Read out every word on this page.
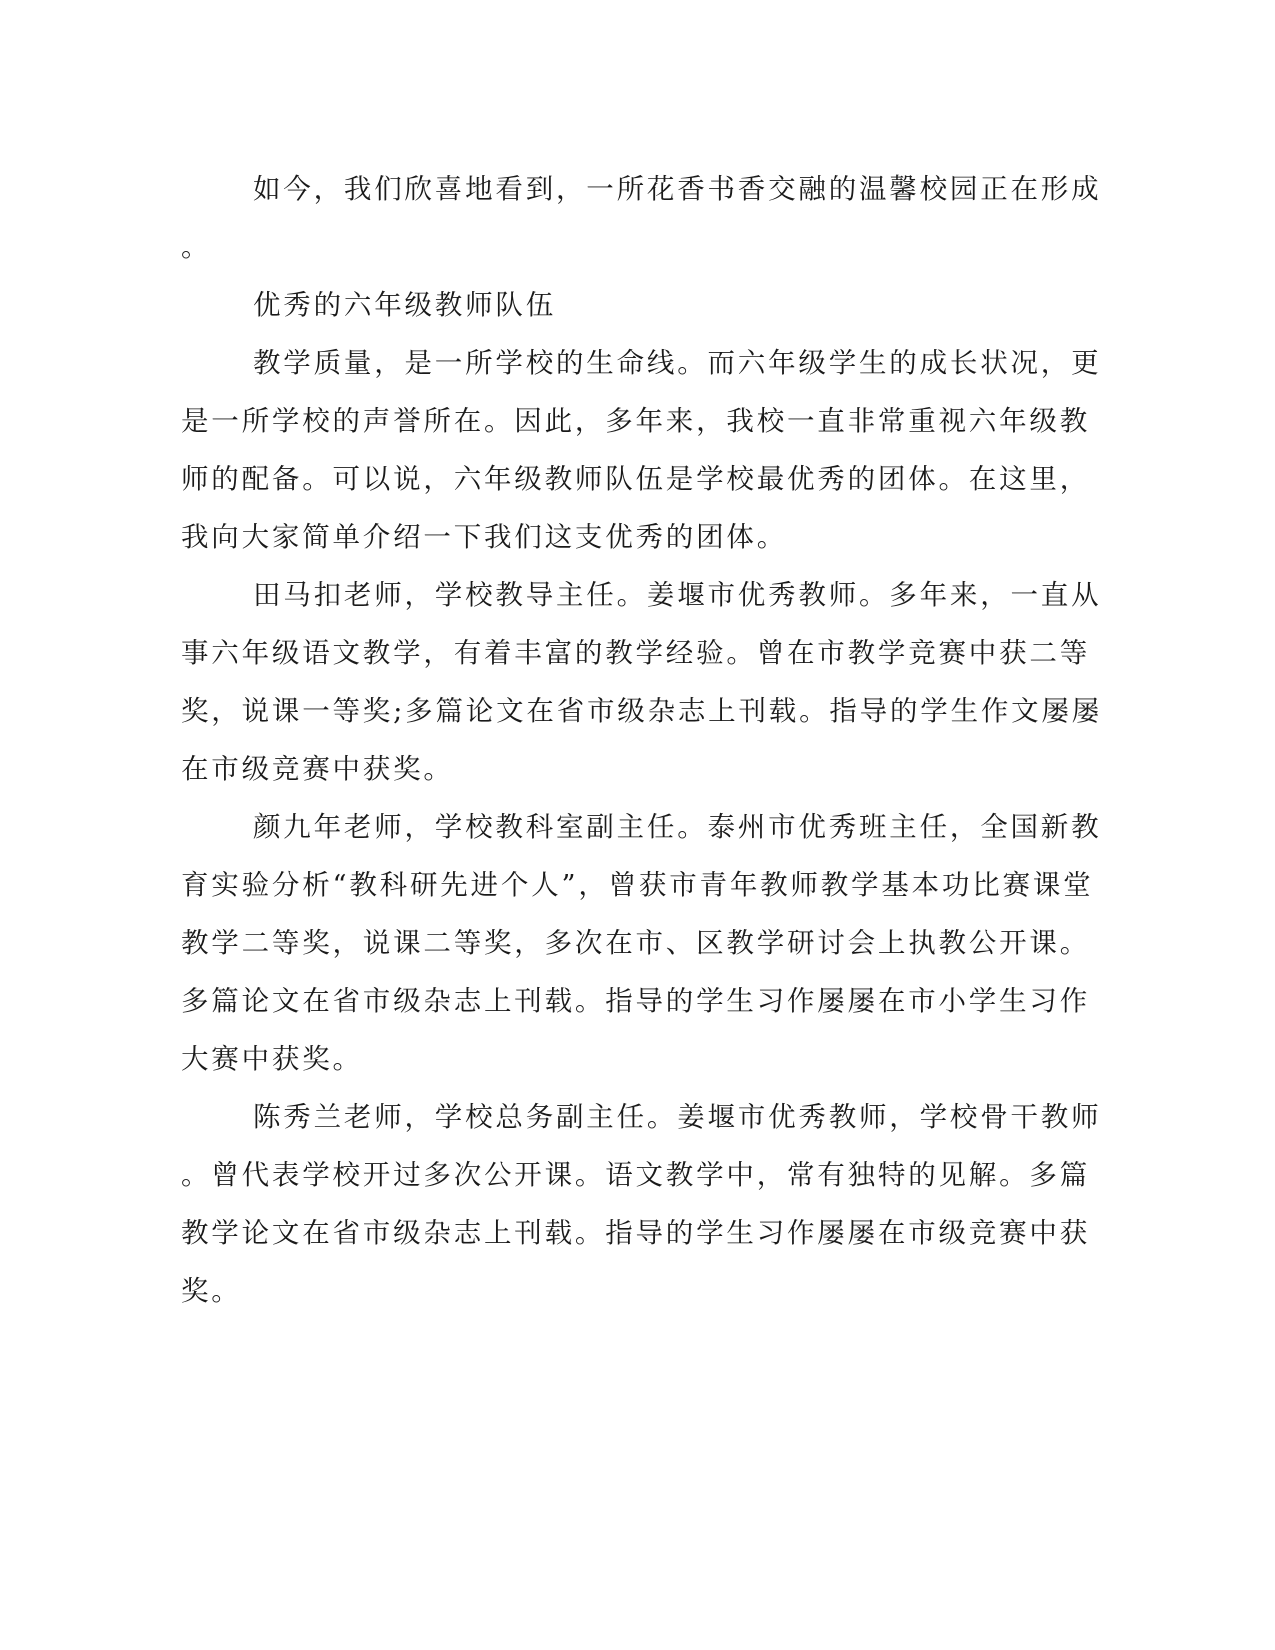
如今，我们欣喜地看到，一所花香书香交融的温馨校园正在形成
。

优秀的六年级教师队伍

教学质量，是一所学校的生命线。而六年级学生的成长状况，更
是一所学校的声誉所在。因此，多年来，我校一直非常重视六年级教
师的配备。可以说，六年级教师队伍是学校最优秀的团体。在这里，
我向大家简单介绍一下我们这支优秀的团体。

田马扣老师，学校教导主任。姜堰市优秀教师。多年来，一直从
事六年级语文教学，有着丰富的教学经验。曾在市教学竞赛中获二等
奖，说课一等奖;多篇论文在省市级杂志上刊载。指导的学生作文屡屡
在市级竞赛中获奖。

颜九年老师，学校教科室副主任。泰州市优秀班主任，全国新教
育实验分析“教科研先进个人”，曾获市青年教师教学基本功比赛课堂
教学二等奖，说课二等奖，多次在市、区教学研讨会上执教公开课。
多篇论文在省市级杂志上刊载。指导的学生习作屡屡在市小学生习作
大赛中获奖。

陈秀兰老师，学校总务副主任。姜堰市优秀教师，学校骨干教师
。曾代表学校开过多次公开课。语文教学中，常有独特的见解。多篇
教学论文在省市级杂志上刊载。指导的学生习作屡屡在市级竞赛中获
奖。
